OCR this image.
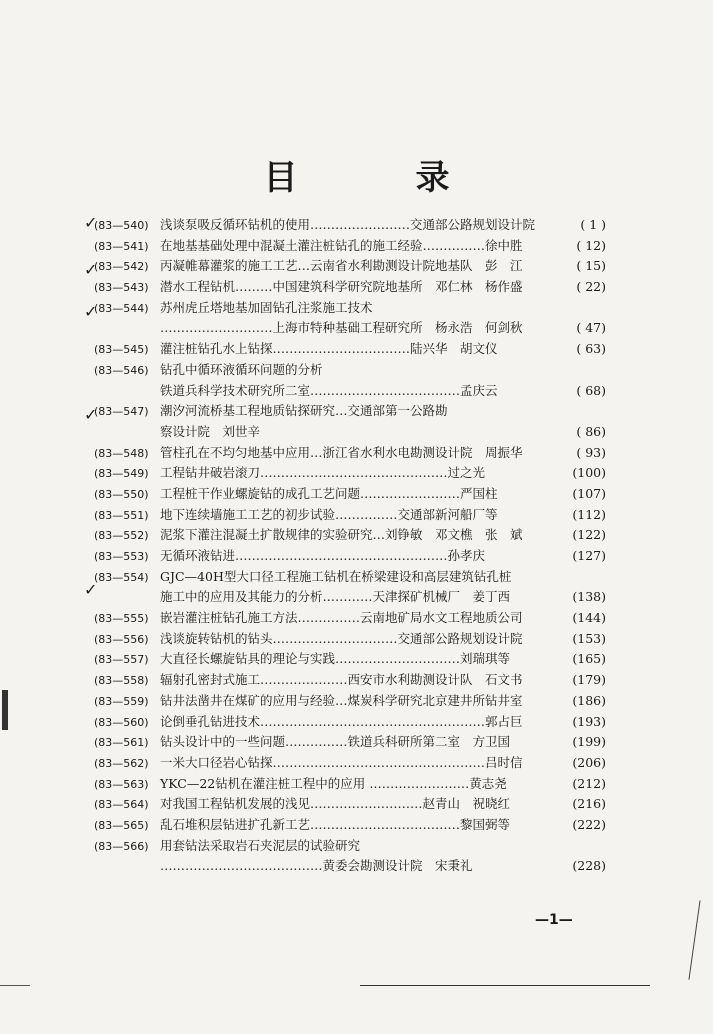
目　录
✓
✓
✓
✓
✓
(83—540) 浅谈泵吸反循环钻机的使用……………………交通部公路规划设计院	( 1 )
(83—541) 在地基基础处理中混凝土灌注桩钻孔的施工经验……………徐中胜	( 12)
(83—542) 丙凝帷幕灌浆的施工工艺…云南省水利勘测设计院地基队　彭　江	( 15)
(83—543) 潜水工程钻机………中国建筑科学研究院地基所　邓仁林　杨作盛	( 22)
(83—544) 苏州虎丘塔地基加固钻孔注浆施工技术
………………………上海市特种基础工程研究所　杨永浩　何剑秋	( 47)
(83—545) 灌注桩钻孔水上钻探……………………………陆兴华　胡文仪	( 63)
(83—546) 钻孔中循环液循环问题的分析
铁道兵科学技术研究所二室………………………………孟庆云	( 68)
(83—547) 潮汐河流桥基工程地质钻探研究…交通部第一公路勘
察设计院　刘世辛	( 86)
(83—548) 管柱孔在不均匀地基中应用…浙江省水利水电勘测设计院　周振华	( 93)
(83—549) 工程钻井破岩滚刀………………………………………过之光	(100)
(83—550) 工程桩干作业螺旋钻的成孔工艺问题……………………严国柱	(107)
(83—551) 地下连续墙施工工艺的初步试验……………交通部新河船厂等	(112)
(83—552) 泥浆下灌注混凝土扩散规律的实验研究…刘铮敏　邓文樵　张　斌	(122)
(83—553) 无循环液钻进……………………………………………孙孝庆	(127)
(83—554) GJC—40H型大口径工程施工钻机在桥梁建设和高层建筑钻孔桩
施工中的应用及其能力的分析…………天津探矿机械厂　姜丁西	(138)
(83—555) 嵌岩灌注桩钻孔施工方法……………云南地矿局水文工程地质公司	(144)
(83—556) 浅谈旋转钻机的钻头…………………………交通部公路规划设计院	(153)
(83—557) 大直径长螺旋钻具的理论与实践…………………………刘瑞琪等	(165)
(83—558) 辐射孔密封式施工…………………西安市水利勘测设计队　石文书	(179)
(83—559) 钻井法凿井在煤矿的应用与经验…煤炭科学研究北京建井所钻井室	(186)
(83—560) 论倒垂孔钻进技术………………………………………………郭占巨	(193)
(83—561) 钻头设计中的一些问题……………铁道兵科研所第二室　方卫国	(199)
(83—562) 一米大口径岩心钻探……………………………………………吕时信	(206)
(83—563) YKC—22钻机在灌注桩工程中的应用 ……………………黄志尧	(212)
(83—564) 对我国工程钻机发展的浅见………………………赵青山　祝晓红	(216)
(83—565) 乱石堆积层钻进扩孔新工艺………………………………黎国弼等	(222)
(83—566) 用套钻法采取岩石夹泥层的试验研究
…………………………………黄委会勘测设计院　宋秉礼	(228)
—1—
